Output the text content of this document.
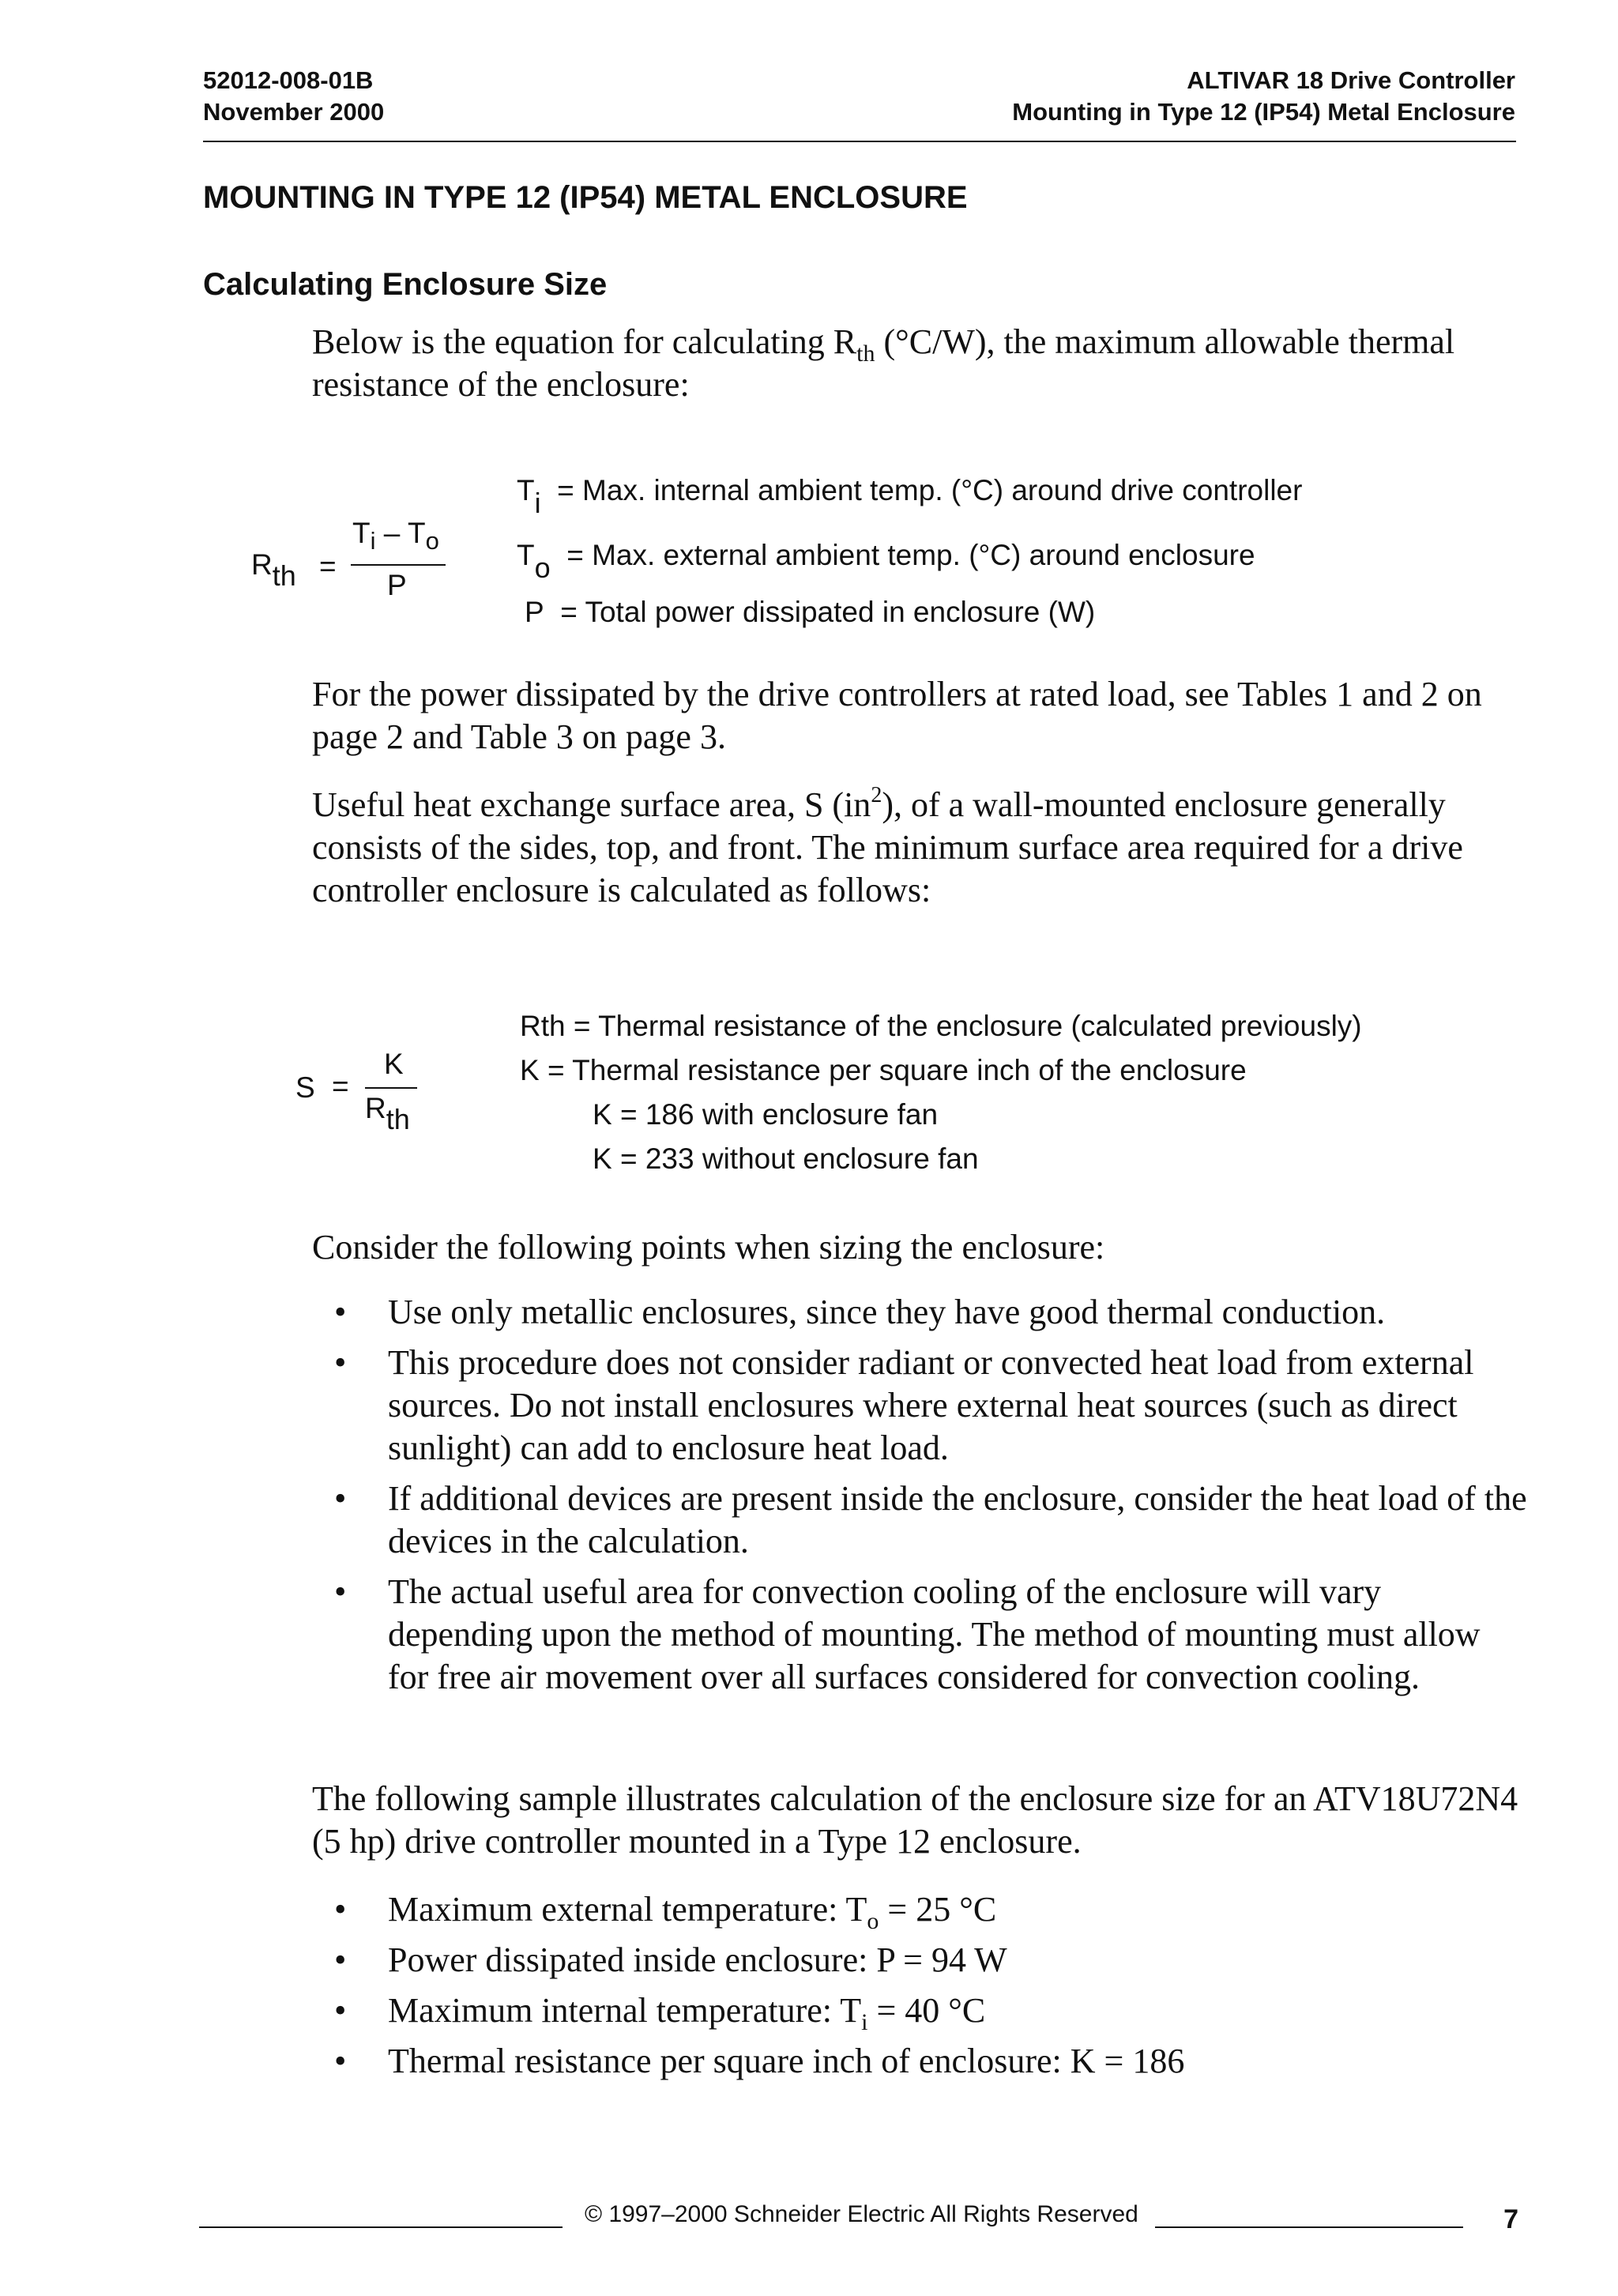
52012-008-01B
November 2000
ALTIVAR 18 Drive Controller
Mounting in Type 12 (IP54) Metal Enclosure
MOUNTING IN TYPE 12 (IP54) METAL ENCLOSURE
Calculating Enclosure Size
Below is the equation for calculating $R_{th}$ (°C/W), the maximum allowable thermal resistance of the enclosure:
$R_{th}$ =
$T_i - T_o$
P
Ti = Max. internal ambient temp. (°C) around drive controller
To = Max. external ambient temp. (°C) around enclosure
P = Total power dissipated in enclosure (W)
For the power dissipated by the drive controllers at rated load, see Tables 1 and 2 on page 2 and Table 3 on page 3.
Useful heat exchange surface area, S $(in^2)$, of a wall-mounted enclosure generally consists of the sides, top, and front. The minimum surface area required for a drive controller enclosure is calculated as follows:
S =
K
$R_{th}$
Rth = Thermal resistance of the enclosure (calculated previously)
K = Thermal resistance per square inch of the enclosure
K = 186 with enclosure fan
K = 233 without enclosure fan
Consider the following points when sizing the enclosure:
• Use only metallic enclosures, since they have good thermal conduction.
• This procedure does not consider radiant or convected heat load from external sources. Do not install enclosures where external heat sources (such as direct sunlight) can add to enclosure heat load.
• If additional devices are present inside the enclosure, consider the heat load of the devices in the calculation.
• The actual useful area for convection cooling of the enclosure will vary depending upon the method of mounting. The method of mounting must allow for free air movement over all surfaces considered for convection cooling.
The following sample illustrates calculation of the enclosure size for an ATV18U72N4 (5 hp) drive controller mounted in a Type 12 enclosure.
• Maximum external temperature: $T_o = 25$ °C
• Power dissipated inside enclosure: P = 94 W
• Maximum internal temperature: $T_i = 40$ °C
• Thermal resistance per square inch of enclosure: K = 186
© 1997–2000 Schneider Electric All Rights Reserved	7
